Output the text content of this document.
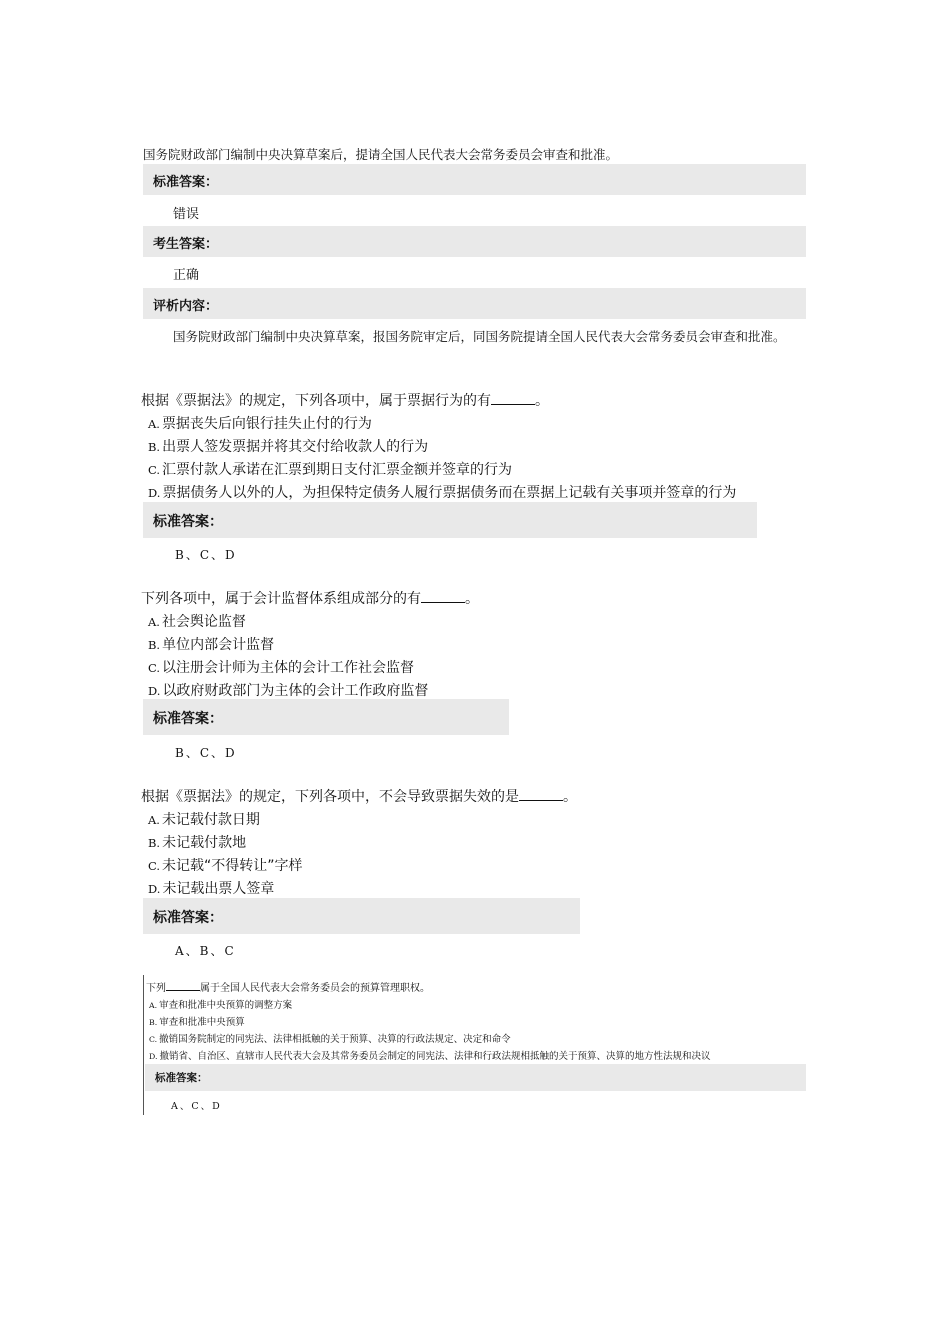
国务院财政部门编制中央决算草案后，提请全国人民代表大会常务委员会审查和批准。
标准答案：
错误
考生答案：
正确
评析内容：
国务院财政部门编制中央决算草案，报国务院审定后，同国务院提请全国人民代表大会常务委员会审查和批准。
根据《票据法》的规定，下列各项中，属于票据行为的有	。
A. 票据丧失后向银行挂失止付的行为
B. 出票人签发票据并将其交付给收款人的行为
C. 汇票付款人承诺在汇票到期日支付汇票金额并签章的行为
D. 票据债务人以外的人，为担保特定债务人履行票据债务而在票据上记载有关事项并签章的行为
标准答案：
B、C、D
下列各项中，属于会计监督体系组成部分的有	。
A. 社会舆论监督
B. 单位内部会计监督
C. 以注册会计师为主体的会计工作社会监督
D. 以政府财政部门为主体的会计工作政府监督
标准答案：
B、C、D
根据《票据法》的规定，下列各项中，不会导致票据失效的是	。
A. 未记载付款日期
B. 未记载付款地
C. 未记载“不得转让”字样
D. 未记载出票人签章
标准答案：
A、B、C
下列	属于全国人民代表大会常务委员会的预算管理职权。
A. 审查和批准中央预算的调整方案
B. 审查和批准中央预算
C. 撤销国务院制定的同宪法、法律相抵触的关于预算、决算的行政法规定、决定和命令
D. 撤销省、自治区、直辖市人民代表大会及其常务委员会制定的同宪法、法律和行政法规相抵触的关于预算、决算的地方性法规和决议
标准答案：
A、C、D
